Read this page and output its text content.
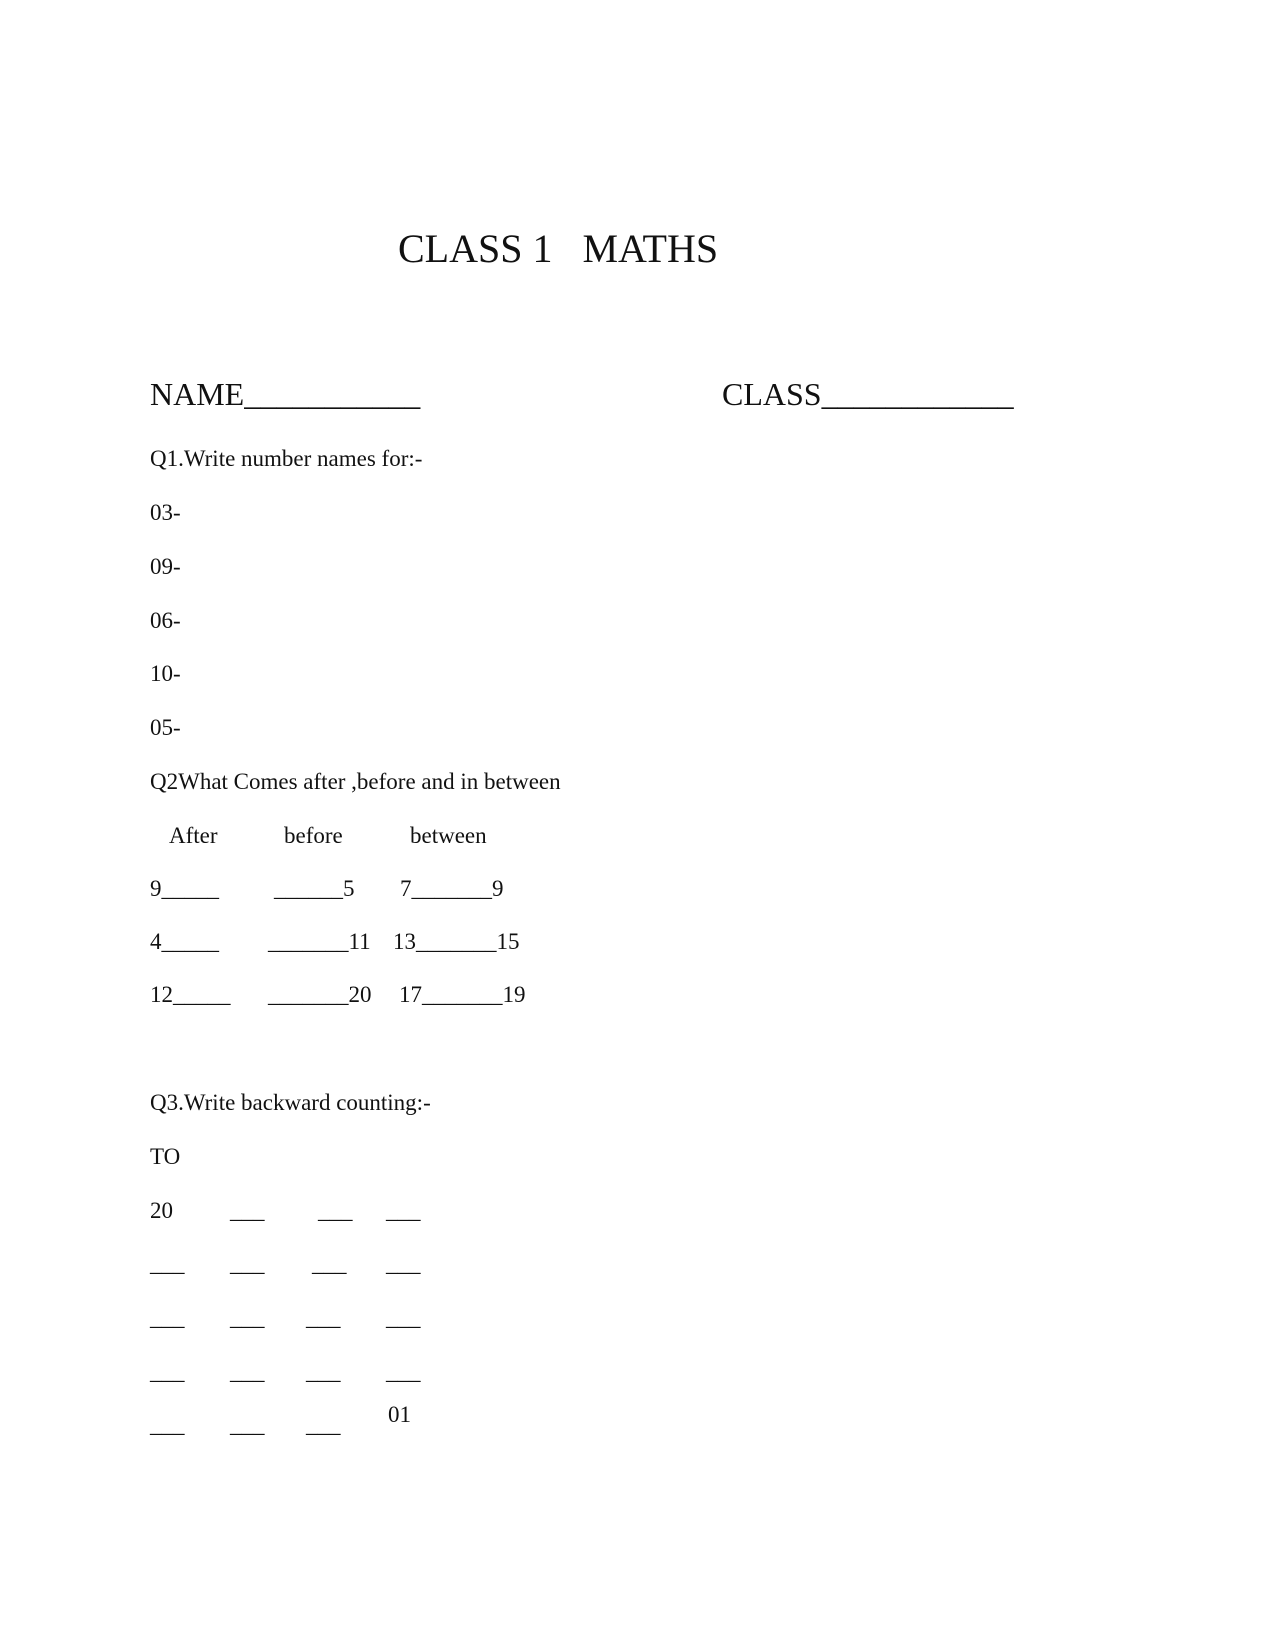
CLASS 1   MATHS
NAME___________	CLASS____________
Q1.Write number names for:-
03-
09-
06-
10-
05-
Q2What Comes after ,before and in between
After	before	between
9_____ ______5 7_______9
4_____ _______11 13_______15
12_____ _______20 17_______19
Q3.Write backward counting:-
TO
20 ___ ___ ___
___ ___ ___ ___
___ ___ ___ ___
___ ___ ___ ___
___ ___ ___ 01
